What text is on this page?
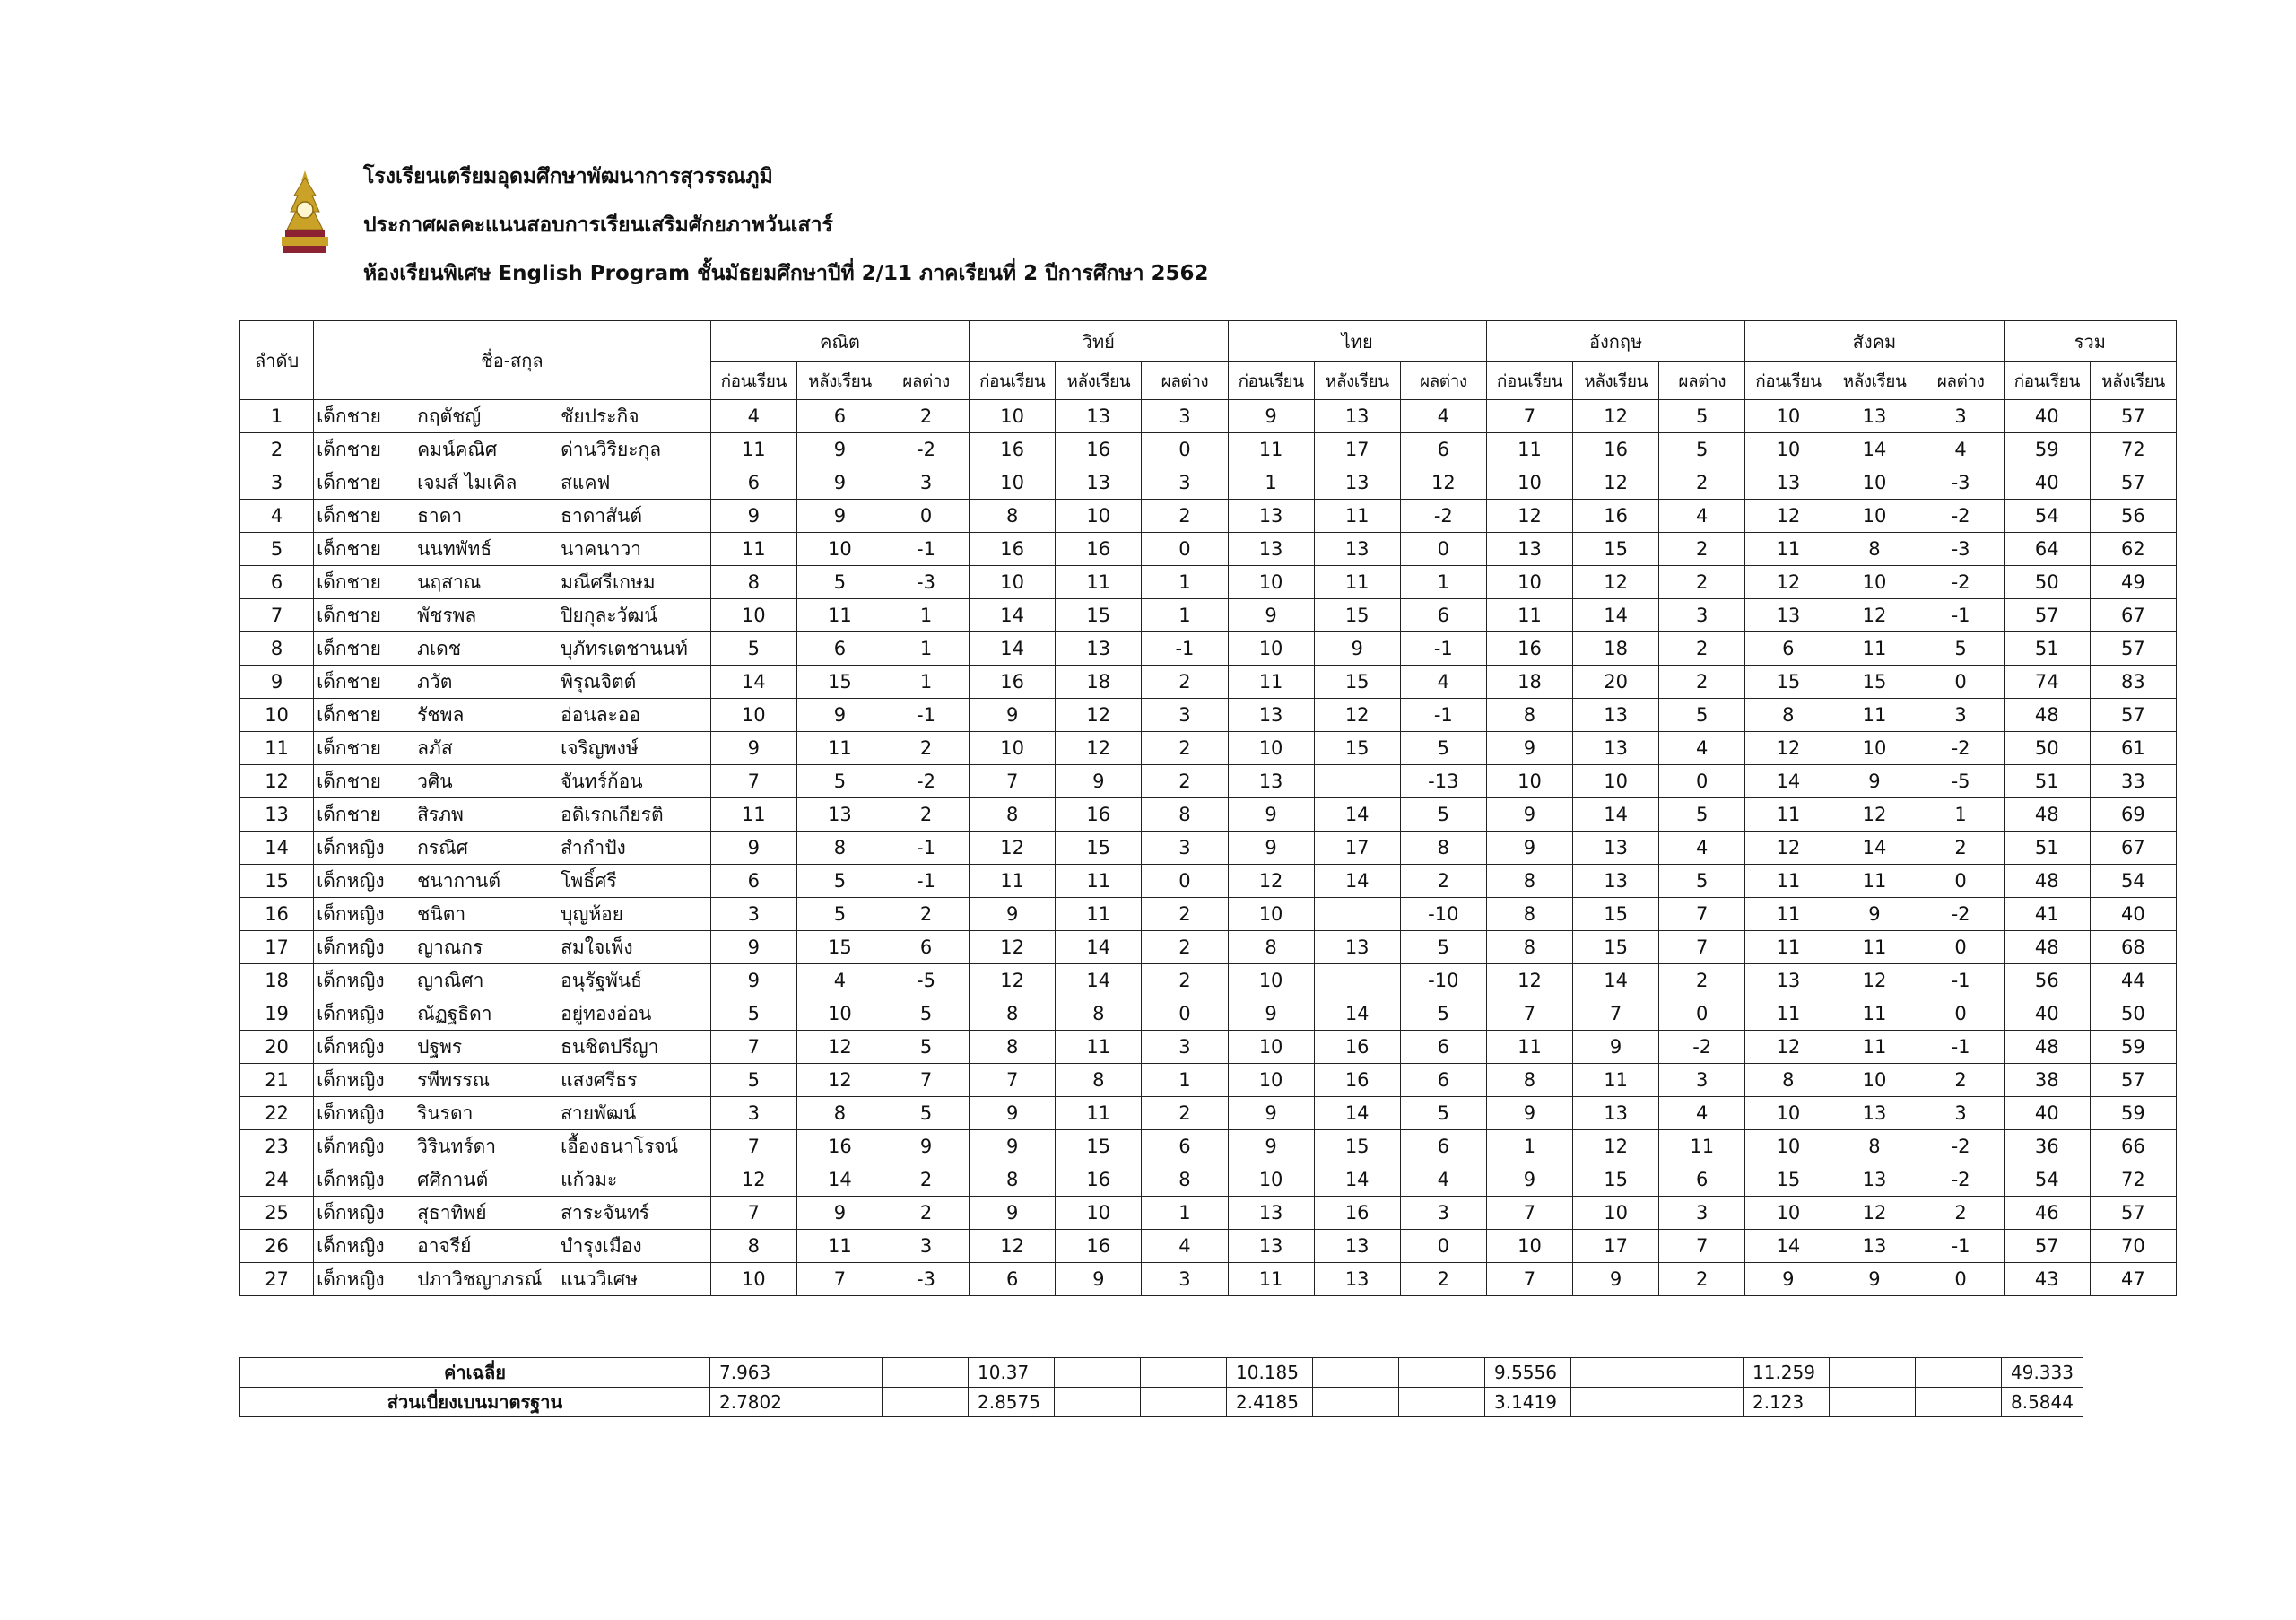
โรงเรียนเตรียมอุดมศึกษาพัฒนาการสุวรรณภูมิ
ประกาศผลคะแนนสอบการเรียนเสริมศักยภาพวันเสาร์
ห้องเรียนพิเศษ English Program ชั้นมัธยมศึกษาปีที่ 2/11 ภาคเรียนที่ 2 ปีการศึกษา 2562
ลำดับ	ชื่อ-สกุล	คณิต			วิทย์			ไทย			อังกฤษ			สังคม			รวม	
		ก่อนเรียน	หลังเรียน	ผลต่าง	ก่อนเรียน	หลังเรียน	ผลต่าง	ก่อนเรียน	หลังเรียน	ผลต่าง	ก่อนเรียน	หลังเรียน	ผลต่าง	ก่อนเรียน	หลังเรียน	ผลต่าง	ก่อนเรียน	หลังเรียน
1	เด็กชาย กฤตัชญ์ ชัยประกิจ	4	6	2	10	13	3	9	13	4	7	12	5	10	13	3	40	57
2	เด็กชาย คมน์คณิศ ด่านวิริยะกุล	11	9	-2	16	16	0	11	17	6	11	16	5	10	14	4	59	72
3	เด็กชาย เจมส์ ไมเคิล สแคฟ	6	9	3	10	13	3	1	13	12	10	12	2	13	10	-3	40	57
4	เด็กชาย ธาดา ธาดาสันต์	9	9	0	8	10	2	13	11	-2	12	16	4	12	10	-2	54	56
5	เด็กชาย นนทพัทธ์ นาคนาวา	11	10	-1	16	16	0	13	13	0	13	15	2	11	8	-3	64	62
6	เด็กชาย นฤสาณ มณีศรีเกษม	8	5	-3	10	11	1	10	11	1	10	12	2	12	10	-2	50	49
7	เด็กชาย พัชรพล ปิยกุละวัฒน์	10	11	1	14	15	1	9	15	6	11	14	3	13	12	-1	57	67
8	เด็กชาย ภเดช บุภัทรเตชานนท์	5	6	1	14	13	-1	10	9	-1	16	18	2	6	11	5	51	57
9	เด็กชาย ภวัต พิรุณจิตต์	14	15	1	16	18	2	11	15	4	18	20	2	15	15	0	74	83
10	เด็กชาย รัชพล อ่อนละออ	10	9	-1	9	12	3	13	12	-1	8	13	5	8	11	3	48	57
11	เด็กชาย ลภัส เจริญพงษ์	9	11	2	10	12	2	10	15	5	9	13	4	12	10	-2	50	61
12	เด็กชาย วศิน จันทร์ก้อน	7	5	-2	7	9	2	13		-13	10	10	0	14	9	-5	51	33
13	เด็กชาย สิรภพ อดิเรกเกียรติ	11	13	2	8	16	8	9	14	5	9	14	5	11	12	1	48	69
14	เด็กหญิง กรณิศ สำกำปัง	9	8	-1	12	15	3	9	17	8	9	13	4	12	14	2	51	67
15	เด็กหญิง ชนากานต์ โพธิ์ศรี	6	5	-1	11	11	0	12	14	2	8	13	5	11	11	0	48	54
16	เด็กหญิง ชนิตา บุญห้อย	3	5	2	9	11	2	10		-10	8	15	7	11	9	-2	41	40
17	เด็กหญิง ญาณกร สมใจเพ็ง	9	15	6	12	14	2	8	13	5	8	15	7	11	11	0	48	68
18	เด็กหญิง ญาณิศา อนุรัฐพันธ์	9	4	-5	12	14	2	10		-10	12	14	2	13	12	-1	56	44
19	เด็กหญิง ณัฏฐธิดา อยู่ทองอ่อน	5	10	5	8	8	0	9	14	5	7	7	0	11	11	0	40	50
20	เด็กหญิง ปฐพร ธนชิตปรีญา	7	12	5	8	11	3	10	16	6	11	9	-2	12	11	-1	48	59
21	เด็กหญิง รพีพรรณ แสงศรีธร	5	12	7	7	8	1	10	16	6	8	11	3	8	10	2	38	57
22	เด็กหญิง รินรดา สายพัฒน์	3	8	5	9	11	2	9	14	5	9	13	4	10	13	3	40	59
23	เด็กหญิง วิรินทร์ดา เอื้องธนาโรจน์	7	16	9	9	15	6	9	15	6	1	12	11	10	8	-2	36	66
24	เด็กหญิง ศศิกานต์ แก้วมะ	12	14	2	8	16	8	10	14	4	9	15	6	15	13	-2	54	72
25	เด็กหญิง สุธาทิพย์ สาระจันทร์	7	9	2	9	10	1	13	16	3	7	10	3	10	12	2	46	57
26	เด็กหญิง อาจรีย์ บำรุงเมือง	8	11	3	12	16	4	13	13	0	10	17	7	14	13	-1	57	70
27	เด็กหญิง ปภาวิชญาภรณ์ แนววิเศษ	10	7	-3	6	9	3	11	13	2	7	9	2	9	9	0	43	47
ค่าเฉลี่ย	7.963			10.37			10.185			9.5556			11.259			49.333
ส่วนเบี่ยงเบนมาตรฐาน	2.7802			2.8575			2.4185			3.1419			2.123			8.5844
